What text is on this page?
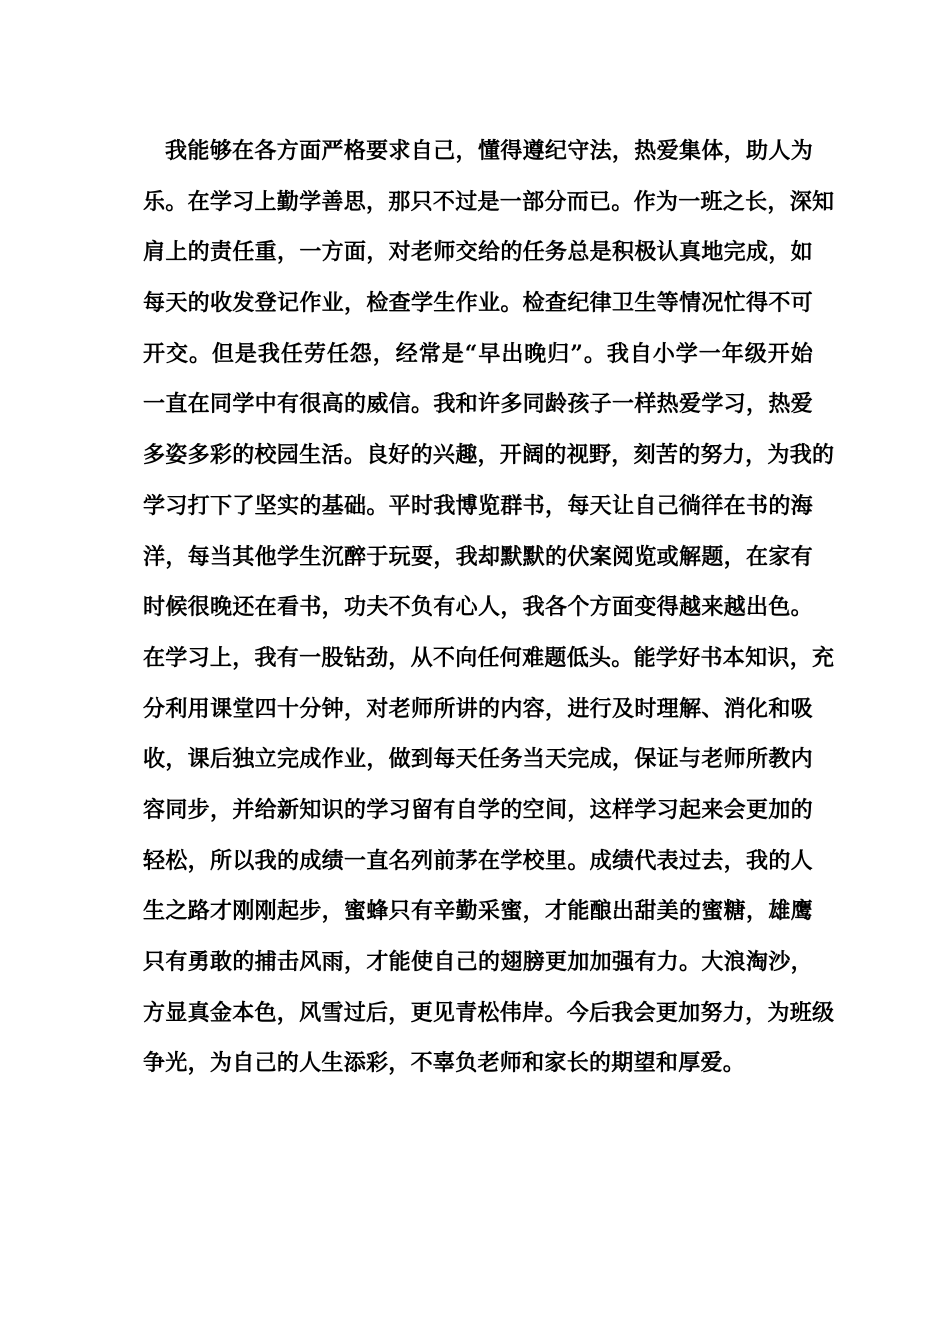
我能够在各方面严格要求自己，懂得遵纪守法，热爱集体，助人为
乐。在学习上勤学善思，那只不过是一部分而已。作为一班之长，深知
肩上的责任重，一方面，对老师交给的任务总是积极认真地完成，如
每天的收发登记作业，检查学生作业。检查纪律卫生等情况忙得不可
开交。但是我任劳任怨，经常是“早出晚归”。我自小学一年级开始
一直在同学中有很高的威信。我和许多同龄孩子一样热爱学习，热爱
多姿多彩的校园生活。良好的兴趣，开阔的视野，刻苦的努力，为我的
学习打下了坚实的基础。平时我博览群书，每天让自己徜徉在书的海
洋，每当其他学生沉醉于玩耍，我却默默的伏案阅览或解题，在家有
时候很晚还在看书，功夫不负有心人，我各个方面变得越来越出色。
在学习上，我有一股钻劲，从不向任何难题低头。能学好书本知识，充
分利用课堂四十分钟，对老师所讲的内容，进行及时理解、消化和吸
收，课后独立完成作业，做到每天任务当天完成，保证与老师所教内
容同步，并给新知识的学习留有自学的空间，这样学习起来会更加的
轻松，所以我的成绩一直名列前茅在学校里。成绩代表过去，我的人
生之路才刚刚起步，蜜蜂只有辛勤采蜜，才能酿出甜美的蜜糖，雄鹰
只有勇敢的捕击风雨，才能使自己的翅膀更加加强有力。大浪淘沙，
方显真金本色，风雪过后，更见青松伟岸。今后我会更加努力，为班级
争光，为自己的人生添彩，不辜负老师和家长的期望和厚爱。
